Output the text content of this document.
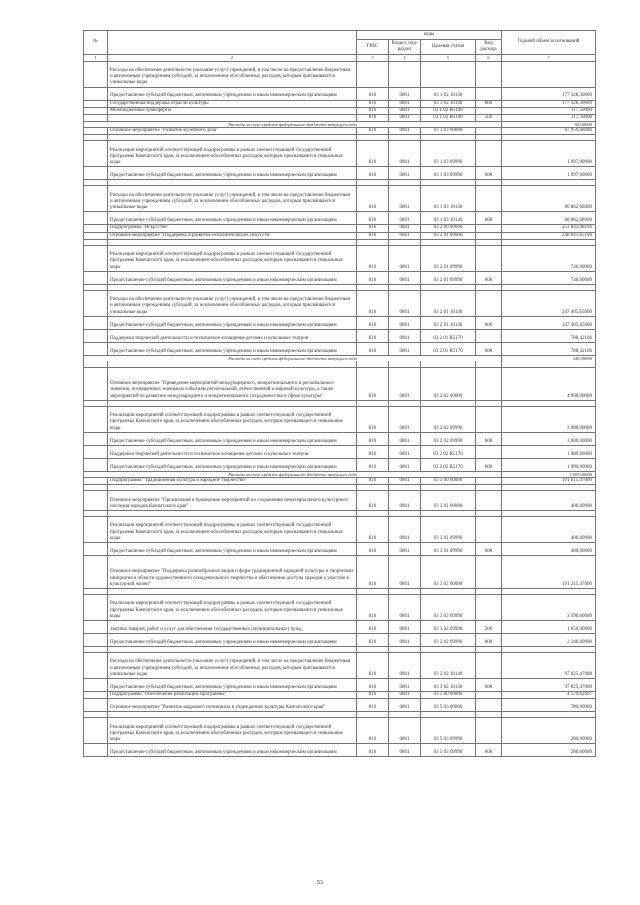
№		коды				Годовой объем ассигнований
		ГРБС	Раздел, под-раздел	Целевая статья	Вид расхода	
1	2	3	4	5	6	7
	Расходы на обеспечение деятельности (оказание услуг) учреждений, в том числе на предоставление бюджетным и автономным учреждениям субсидий, за исключением обособленных расходов, которым присваиваются уникальные коды					
	Предоставление субсидий бюджетным, автономным учреждениям и иным некоммерческим организациям	816	0801	03 1 02 10140		177 328,30000
	Государственная поддержка отрасли культуры	816	0801	03 1 02 10140	600	177 328,30000
	Межбюджетные трансферты	816	0801	03 1 02 R5190		117,50000
		816	0801	03 1 02 R5190	500	117,50000
Расходы за счет средств федерального бюджета текущего года						94,00000
	Основное мероприятие "Развитие музейного дела"	816	0801	03 1 03 00000		87 959,68000

	Реализация мероприятий соответствующей подпрограммы в рамках соответствующей государственной программы Камчатского края, за исключением обособленных расходов, которым присваиваются уникальные коды	816	0801	03 1 03 09990		1 097,00000
	Предоставление субсидий бюджетным, автономным учреждениям и иным некоммерческим организациям	816	0801	03 1 03 09990	600	1 097,00000

	Расходы на обеспечение деятельности (оказание услуг) учреждений, в том числе на предоставление бюджетным и автономным учреждениям субсидий, за исключением обособленных расходов, которым присваиваются уникальные коды	816	0801	03 1 03 10140		86 862,68000
	Предоставление субсидий бюджетным, автономным учреждениям и иным некоммерческим организациям	816	0801	03 1 03 10140	600	86 862,68000
	Подпрограмма "Искусство"	816	0801	03 2 00 00000		253 843,08106
	Основное мероприятие "Поддержка и развитие исполнительских искусств"	816	0801	03 2 01 00000		248 041,65106

	Реализация мероприятий соответствующей подпрограммы в рамках соответствующей государственной программы Камчатского края, за исключением обособленных расходов, которым присваиваются уникальные коды	816	0801	03 2 01 09990		746,00000
	Предоставление субсидий бюджетным, автономным учреждениям и иным некоммерческим организациям	816	0801	03 2 01 09990	600	746,00000

	Расходы на обеспечение деятельности (оказание услуг) учреждений, в том числе на предоставление бюджетным и автономным учреждениям субсидий, за исключением обособленных расходов, которым присваиваются уникальные коды	816	0801	03 2 01 10140		247 405,65000
	Предоставление субсидий бюджетным, автономным учреждениям и иным некоммерческим организациям	816	0801	03 2 01 10140	600	247 405,65000
	Поддержка творческой деятельности и техническое оснащение детских и кукольных театров	816	0801	03 2 01 R5170		788,42106
	Предоставление субсидий бюджетным, автономным учреждениям и иным некоммерческим организациям	816	0801	03 2 01 R5170	600	788,42106
Расходы за счет средств федерального бюджета текущего года						349,00000

	Основное мероприятие "Проведение мероприятий международного, межрегионального и регионального значения, посвященных значимым событиям региональной, отечественной и мировой культуры, а также мероприятий по развитию международного и межрегионального сотрудничества в сфере культуры"	816	0801	03 2 02 00000		4 900,00000

	Реализация мероприятий соответствующей подпрограммы в рамках соответствующей государственной программы Камчатского края, за исключением обособленных расходов, которым присваиваются уникальные коды	816	0801	03 2 02 09990		3 000,00000
	Предоставление субсидий бюджетным, автономным учреждениям и иным некоммерческим организациям	816	0801	03 2 02 09990	600	3 000,00000
	Поддержка творческой деятельности и техническое оснащение детских и кукольных театров	816	0801	03 2 02 R5170		1 900,00000
	Предоставление субсидий бюджетным, автономным учреждениям и иным некоммерческим организациям	816	0801	03 2 02 R5170	600	1 900,00000
Расходы за счет средств федерального бюджета текущего года						1 805,00000
	Подпрограмма "Традиционная культура и народное творчество"	816	0801	03 3 00 00000		101 615,47000

	Основное мероприятие "Организация и проведение мероприятий по сохранению нематериального культурного наследия народов Камчатского края"	816	0801	03 3 01 00000		400,00000

	Реализация мероприятий соответствующей подпрограммы в рамках соответствующей государственной программы Камчатского края, за исключением обособленных расходов, которым присваиваются уникальные коды	816	0801	03 3 01 09990		400,00000
	Предоставление субсидий бюджетным, автономным учреждениям и иным некоммерческим организациям	816	0801	03 3 01 09990	600	400,00000
	Основное мероприятие "Поддержка разнообразных видов и форм традиционной народной культуры и творческих инициатив в области художественного самодеятельного творчества и обеспечение доступа граждан к участию в культурной жизни"	816	0801	03 3 02 00000		101 215,47000

	Реализация мероприятий соответствующей подпрограммы в рамках соответствующей государственной программы Камчатского края, за исключением обособленных расходов, которым присваиваются уникальные коды	816	0801	03 3 02 09990		3 390,00000
	Закупка товаров, работ и услуг для обеспечения государственных (муниципальных) нужд	816	0801	03 3 02 09990	200	1 050,00000
	Предоставление субсидий бюджетным, автономным учреждениям и иным некоммерческим организациям	816	0801	03 3 02 09990	600	2 340,00000

	Расходы на обеспечение деятельности (оказание услуг) учреждений, в том числе на предоставление бюджетным и автономным учреждениям субсидий, за исключением обособленных расходов, которым присваиваются уникальные коды	816	0801	03 3 02 10140		97 825,47000
	Предоставление субсидий бюджетным, автономным учреждениям и иным некоммерческим организациям	816	0801	03 3 02 10140	600	97 825,47000
	Подпрограмма "Обеспечение реализации Программы"	816	0801	03 5 00 00000		4 179,62607
	Основное мероприятие "Развитие кадрового потенциала в учреждениях культуры Камчатского края"	816	0801	03 5 03 00000		780,00000

	Реализация мероприятий соответствующей подпрограммы в рамках соответствующей государственной программы Камчатского края, за исключением обособленных расходов, которым присваиваются уникальные коды	816	0801	03 5 03 09990		280,00000
	Предоставление субсидий бюджетным, автономным учреждениям и иным некоммерческим организациям	816	0801	03 5 03 09990	600	280,00000
53
